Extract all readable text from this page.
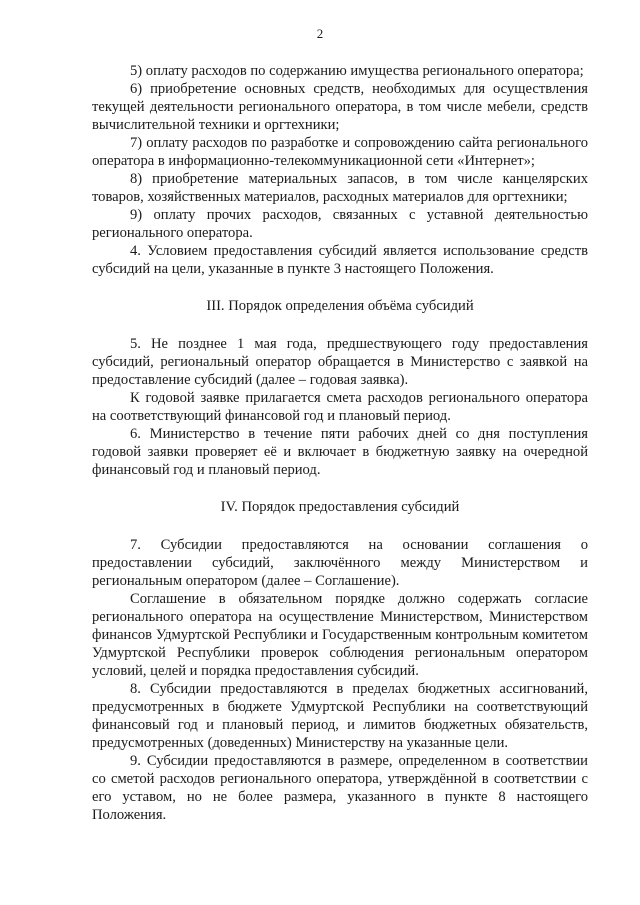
2

5) оплату расходов по содержанию имущества регионального оператора;

6) приобретение основных средств, необходимых для осуществления текущей деятельности регионального оператора, в том числе мебели, средств вычислительной техники и оргтехники;

7) оплату расходов по разработке и сопровождению сайта регионального оператора в информационно-телекоммуникационной сети «Интернет»;

8) приобретение материальных запасов, в том числе канцелярских товаров, хозяйственных материалов, расходных материалов для оргтехники;

9) оплату прочих расходов, связанных с уставной деятельностью регионального оператора.

4. Условием предоставления субсидий является использование средств субсидий на цели, указанные в пункте 3 настоящего Положения.

III. Порядок определения объёма субсидий

5. Не позднее 1 мая года, предшествующего году предоставления субсидий, региональный оператор обращается в Министерство с заявкой на предоставление субсидий (далее – годовая заявка).

К годовой заявке прилагается смета расходов регионального оператора на соответствующий финансовой год и плановый период.

6. Министерство в течение пяти рабочих дней со дня поступления годовой заявки проверяет её и включает в бюджетную заявку на очередной финансовый год и плановый период.

IV. Порядок предоставления субсидий

7. Субсидии предоставляются на основании соглашения о предоставлении субсидий, заключённого между Министерством и региональным оператором (далее – Соглашение).

Соглашение в обязательном порядке должно содержать согласие регионального оператора на осуществление Министерством, Министерством финансов Удмуртской Республики и Государственным контрольным комитетом Удмуртской Республики проверок соблюдения региональным оператором условий, целей и порядка предоставления субсидий.

8. Субсидии предоставляются в пределах бюджетных ассигнований, предусмотренных в бюджете Удмуртской Республики на соответствующий финансовый год и плановый период, и лимитов бюджетных обязательств, предусмотренных (доведенных) Министерству на указанные цели.

9. Субсидии предоставляются в размере, определенном в соответствии со сметой расходов регионального оператора, утверждённой в соответствии с его уставом, но не более размера, указанного в пункте 8 настоящего Положения.
